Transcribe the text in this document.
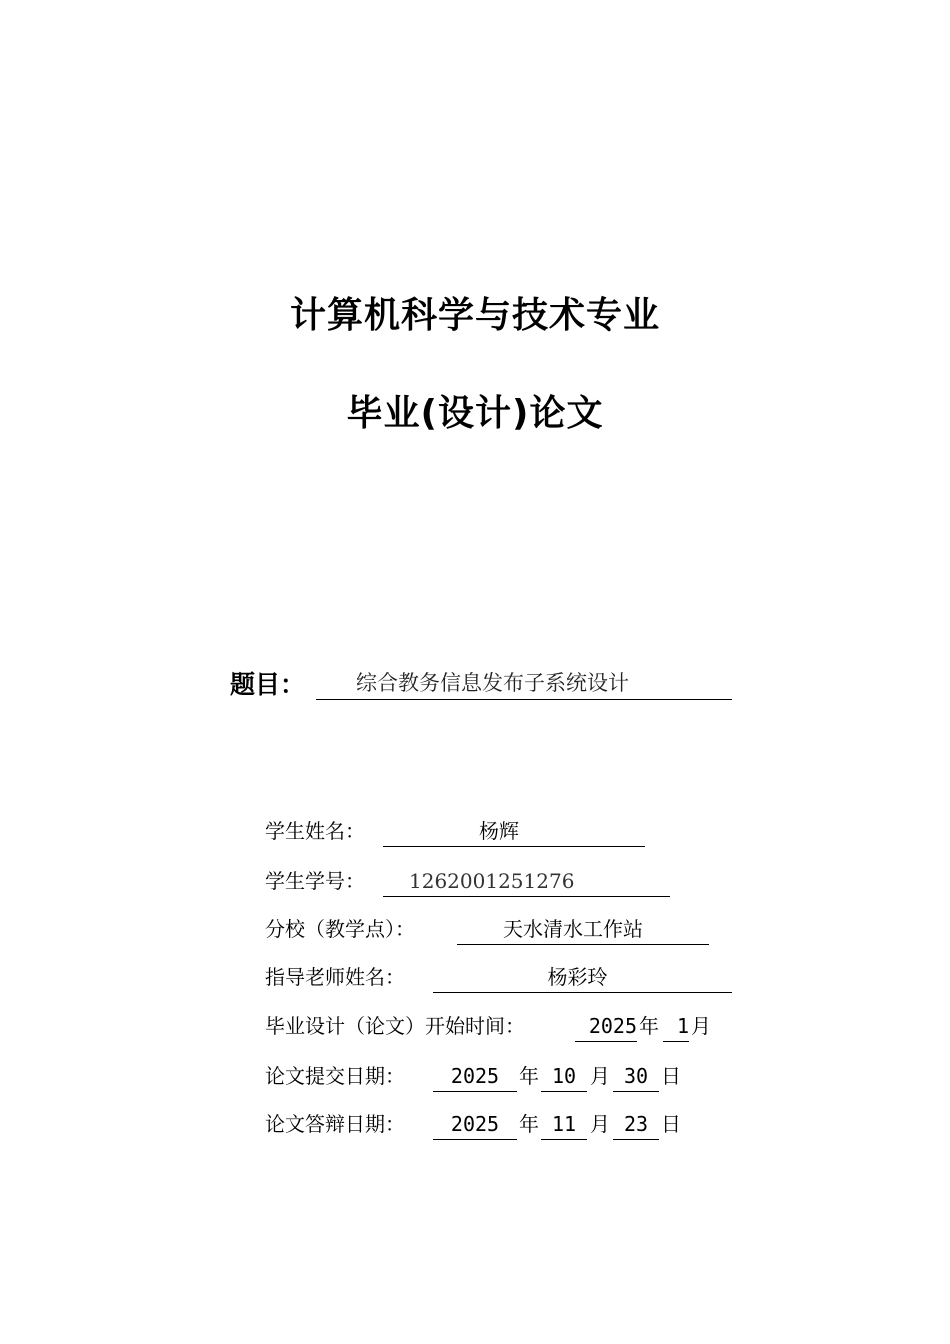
计算机科学与技术专业
毕业(设计)论文
题目：	综合教务信息发布子系统设计
学生姓名：	杨辉
学生学号：	1262001251276
分校（教学点）：	天水清水工作站
指导老师姓名：	杨彩玲
毕业设计（论文）开始时间：	2025 年 1 月
论文提交日期：	2025 年 10 月 30 日
论文答辩日期：	2025 年 11 月 23 日
